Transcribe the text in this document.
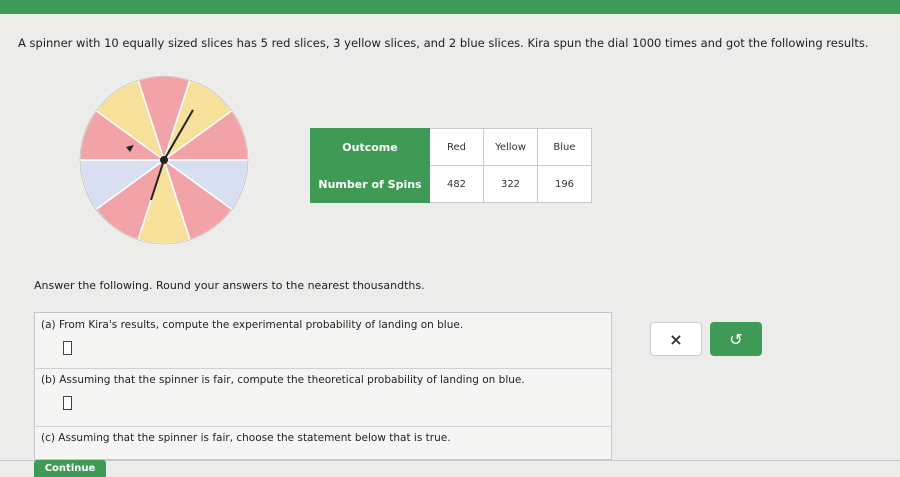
A spinner with 10 equally sized slices has 5 red slices, 3 yellow slices, and 2 blue slices. Kira spun the dial 1000 times and got the following results.
Outcome	Red	Yellow	Blue
Number of Spins	482	322	196
Answer the following. Round your answers to the nearest thousandths.
(a) From Kira's results, compute the experimental probability of landing on blue.
(b) Assuming that the spinner is fair, compute the theoretical probability of landing on blue.
(c) Assuming that the spinner is fair, choose the statement below that is true.
×	↺
Continue
